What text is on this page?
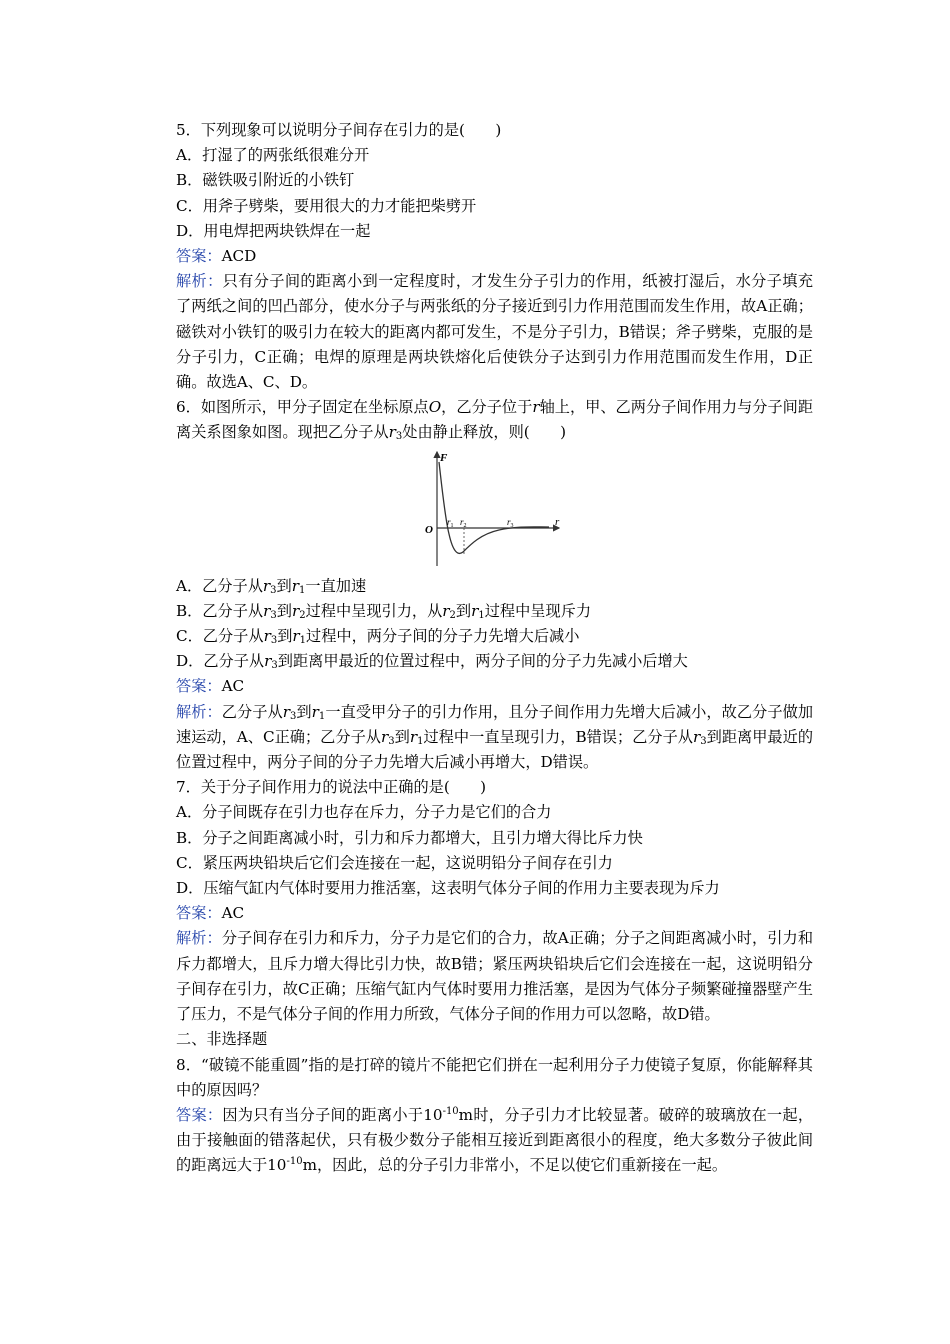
5．下列现象可以说明分子间存在引力的是(　　)
A．打湿了的两张纸很难分开
B．磁铁吸引附近的小铁钉
C．用斧子劈柴，要用很大的力才能把柴劈开
D．用电焊把两块铁焊在一起
答案：ACD
解析：只有分子间的距离小到一定程度时，才发生分子引力的作用，纸被打湿后，水分子填充了两纸之间的凹凸部分，使水分子与两张纸的分子接近到引力作用范围而发生作用，故A正确；磁铁对小铁钉的吸引力在较大的距离内都可发生，不是分子引力，B错误；斧子劈柴，克服的是分子引力，C正确；电焊的原理是两块铁熔化后使铁分子达到引力作用范围而发生作用，D正确。故选A、C、D。
6．如图所示，甲分子固定在坐标原点O，乙分子位于r轴上，甲、乙两分子间作用力与分子间距离关系图象如图。现把乙分子从$r_3$处由静止释放，则(　　)
F
O
r
$r_1$ $r_2$	$r_3$
A．乙分子从$r_3$到$r_1$一直加速
B．乙分子从$r_3$到$r_2$过程中呈现引力，从$r_2$到$r_1$过程中呈现斥力
C．乙分子从$r_3$到$r_1$过程中，两分子间的分子力先增大后减小
D．乙分子从$r_3$到距离甲最近的位置过程中，两分子间的分子力先减小后增大
答案：AC
解析：乙分子从$r_3$到$r_1$一直受甲分子的引力作用，且分子间作用力先增大后减小，故乙分子做加速运动，A、C正确；乙分子从$r_3$到$r_1$过程中一直呈现引力，B错误；乙分子从$r_3$到距离甲最近的位置过程中，两分子间的分子力先增大后减小再增大，D错误。
7．关于分子间作用力的说法中正确的是(　　)
A．分子间既存在引力也存在斥力，分子力是它们的合力
B．分子之间距离减小时，引力和斥力都增大，且引力增大得比斥力快
C．紧压两块铅块后它们会连接在一起，这说明铅分子间存在引力
D．压缩气缸内气体时要用力推活塞，这表明气体分子间的作用力主要表现为斥力
答案：AC
解析：分子间存在引力和斥力，分子力是它们的合力，故A正确；分子之间距离减小时，引力和斥力都增大，且斥力增大得比引力快，故B错；紧压两块铅块后它们会连接在一起，这说明铅分子间存在引力，故C正确；压缩气缸内气体时要用力推活塞，是因为气体分子频繁碰撞器壁产生了压力，不是气体分子间的作用力所致，气体分子间的作用力可以忽略，故D错。
二、非选择题
8．“破镜不能重圆”指的是打碎的镜片不能把它们拼在一起利用分子力使镜子复原，你能解释其中的原因吗？
答案：因为只有当分子间的距离小于$10^{-10}m$时，分子引力才比较显著。破碎的玻璃放在一起，由于接触面的错落起伏，只有极少数分子能相互接近到距离很小的程度，绝大多数分子彼此间的距离远大于$10^{-10}m$，因此，总的分子引力非常小，不足以使它们重新接在一起。
